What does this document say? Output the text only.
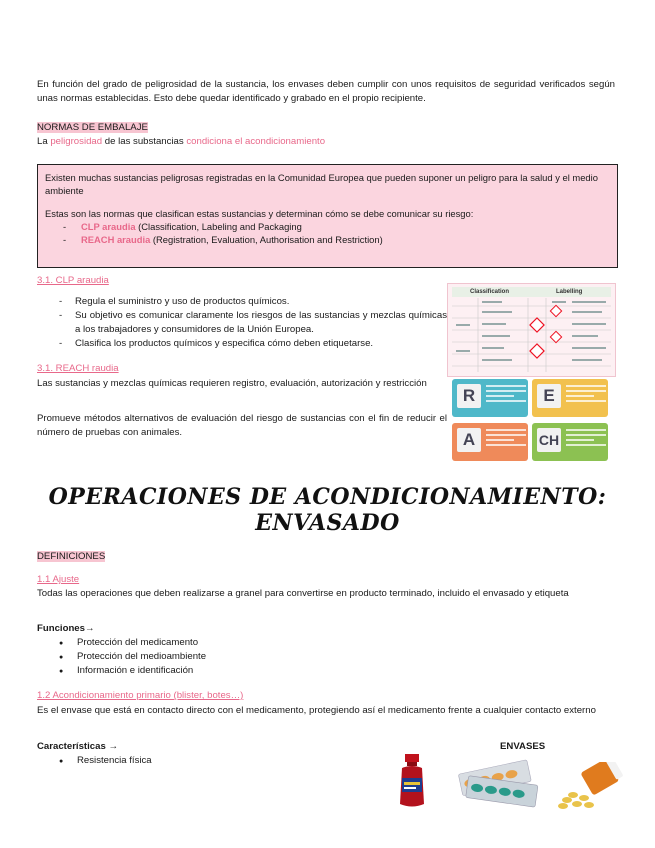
En función del grado de peligrosidad de la sustancia, los envases deben cumplir con unos requisitos de seguridad verificados según unas normas establecidas. Esto debe quedar identificado y grabado en el propio recipiente.
NORMAS DE EMBALAJE
La peligrosidad de las substancias condiciona el acondicionamiento
Existen muchas sustancias peligrosas registradas en la Comunidad Europea que pueden suponer un peligro para la salud y el medio ambiente
Estas son las normas que clasifican estas sustancias y determinan cómo se debe comunicar su riesgo:
- CLP araudia (Classification, Labeling and Packaging
- REACH araudia (Registration, Evaluation, Authorisation and Restriction)
3.1. CLP araudia
- Regula el suministro y uso de productos químicos.
- Su objetivo es comunicar claramente los riesgos de las sustancias y mezclas químicas a los trabajadores y consumidores de la Unión Europea.
- Clasifica los productos químicos y especifica cómo deben etiquetarse.
Classification	Labelling
3.1. REACH raudia
Las sustancias y mezclas químicas requieren registro, evaluación, autorización y restricción
Promueve métodos alternativos de evaluación del riesgo de sustancias con el fin de reducir el número de pruebas con animales.
R	E
A	CH
OPERACIONES DE ACONDICIONAMIENTO:
ENVASADO
DEFINICIONES
1.1 Ajuste
Todas las operaciones que deben realizarse a granel para convertirse en producto terminado, incluido el envasado y etiqueta
Funciones→
● Protección del medicamento
● Protección del medioambiente
● Información e identificación
1.2 Acondicionamiento primario (blister, botes…)
Es el envase que está en contacto directo con el medicamento, protegiendo así el medicamento frente a cualquier contacto externo
Características →
● Resistencia física
ENVASES
